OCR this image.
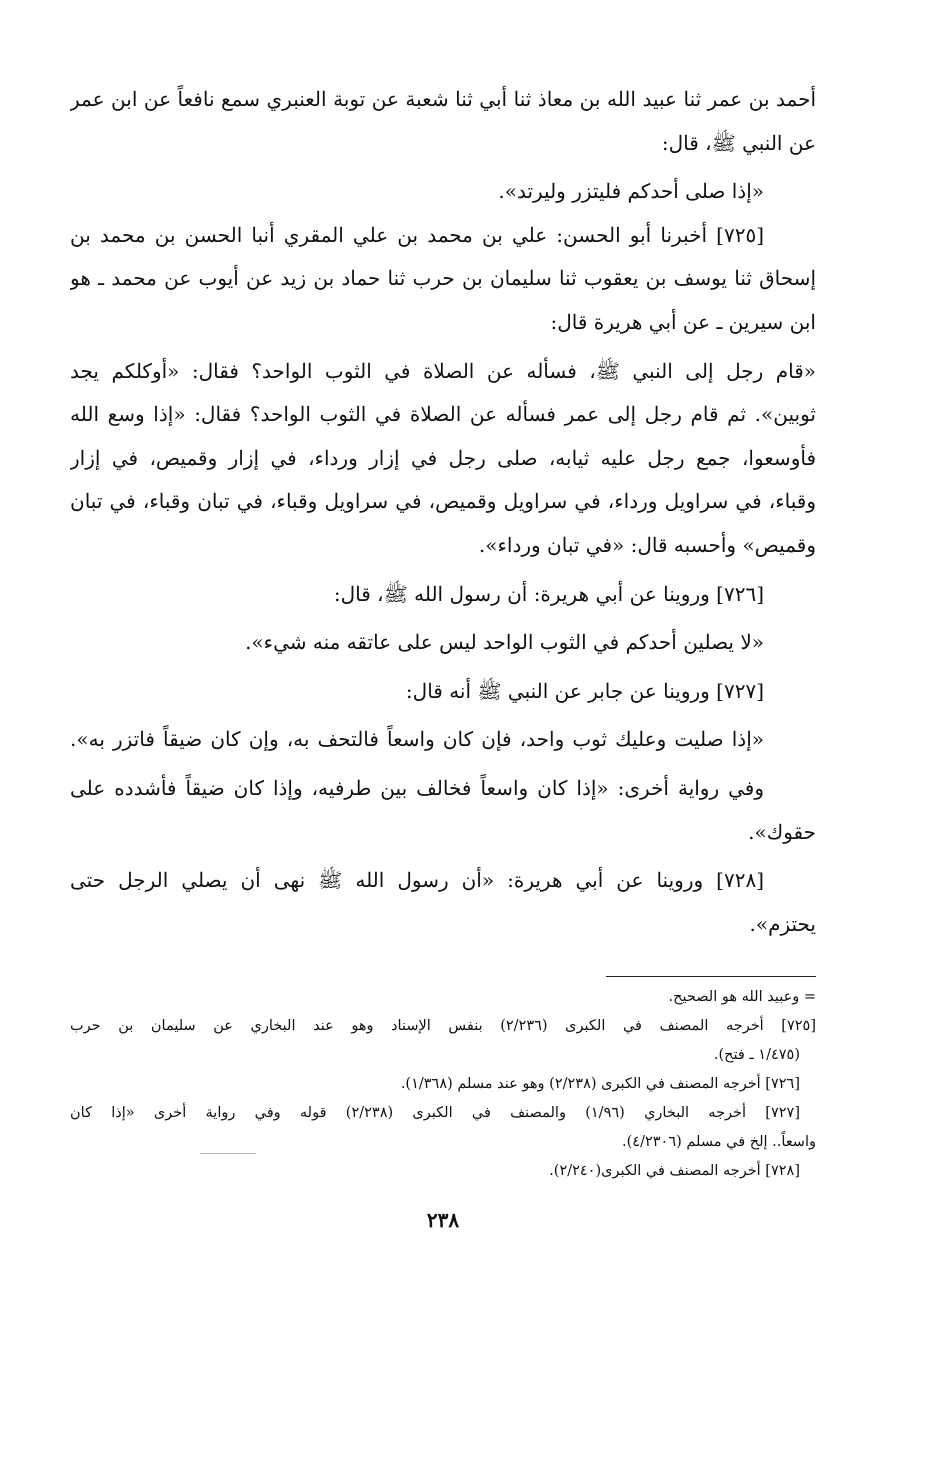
أحمد بن عمر ثنا عبيد الله بن معاذ ثنا أبي ثنا شعبة عن توبة العنبري سمع نافعاً عن ابن عمر
عن النبي ﷺ، قال:
«إذا صلى أحدكم فليتزر وليرتد».
[٧٢٥] أخبرنا أبو الحسن: علي بن محمد بن علي المقري أنبا الحسن بن محمد بن
إسحاق ثنا يوسف بن يعقوب ثنا سليمان بن حرب ثنا حماد بن زيد عن أيوب عن محمد ـ هو
ابن سيرين ـ عن أبي هريرة قال:
«قام رجل إلى النبي ﷺ، فسأله عن الصلاة في الثوب الواحد؟ فقال: «أوكلكم يجد
ثوبين». ثم قام رجل إلى عمر فسأله عن الصلاة في الثوب الواحد؟ فقال: «إذا وسع الله
فأوسعوا، جمع رجل عليه ثيابه، صلى رجل في إزار ورداء، في إزار وقميص، في إزار
وقباء، في سراويل ورداء، في سراويل وقميص، في سراويل وقباء، في تبان وقباء، في تبان
وقميص» وأحسبه قال: «في تبان ورداء».
[٧٢٦] وروينا عن أبي هريرة: أن رسول الله ﷺ، قال:
«لا يصلين أحدكم في الثوب الواحد ليس على عاتقه منه شيء».
[٧٢٧] وروينا عن جابر عن النبي ﷺ أنه قال:
«إذا صليت وعليك ثوب واحد، فإن كان واسعاً فالتحف به، وإن كان ضيقاً فاتزر به».
وفي رواية أخرى: «إذا كان واسعاً فخالف بين طرفيه، وإذا كان ضيقاً فأشدده على
حقوك».
[٧٢٨] وروينا عن أبي هريرة: «أن رسول الله ﷺ نهى أن يصلي الرجل حتى
يحتزم».
= وعبيد الله هو الصحيح.
[٧٢٥] أخرجه المصنف في الكبرى (٢/٢٣٦) بنفس الإسناد وهو عند البخاري عن سليمان بن حرب
(١/٤٧٥ ـ فتح).
[٧٢٦] أخرجه المصنف في الكبرى (٢/٢٣٨) وهو عند مسلم (١/٣٦٨).
[٧٢٧] أخرجه البخاري (١/٩٦) والمصنف في الكبرى (٢/٢٣٨) قوله وفي رواية أخرى «إذا كان
واسعاً.. إلخ في مسلم (٤/٢٣٠٦).
[٧٢٨] أخرجه المصنف في الكبرى(٢/٢٤٠).
٢٣٨
